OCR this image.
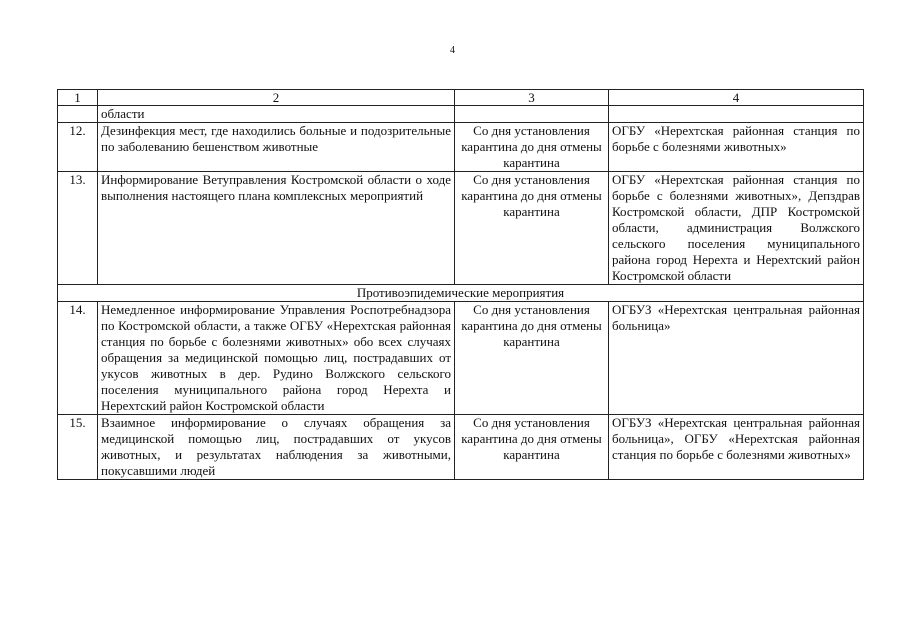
4
1	2	3	4
	области		
12.	Дезинфекция мест, где находились больные и подозрительные по заболеванию бешенством животные	Со дня установления карантина до дня отмены карантина	ОГБУ «Нерехтская районная станция по борьбе с болезнями животных»
13.	Информирование Ветуправления Костромской области о ходе выполнения настоящего плана комплексных мероприятий	Со дня установления карантина до дня отмены карантина	ОГБУ «Нерехтская районная станция по борьбе с болезнями животных», Депздрав Костромской области, ДПР Костромской области, администрация Волжского сельского поселения муниципального района город Нерехта и Нерехтский район Костромской области
Противоэпидемические мероприятия			
14.	Немедленное информирование Управления Роспотребнадзора по Костромской области, а также ОГБУ «Нерехтская районная станция по борьбе с болезнями животных» обо всех случаях обращения за медицинской помощью лиц, пострадавших от укусов животных в дер. Рудино Волжского сельского поселения муниципального района город Нерехта и Нерехтский район Костромской области	Со дня установления карантина до дня отмены карантина	ОГБУЗ «Нерехтская центральная районная больница»
15.	Взаимное информирование о случаях обращения за медицинской помощью лиц, пострадавших от укусов животных, и результатах наблюдения за животными, покусавшими людей	Со дня установления карантина до дня отмены карантина	ОГБУЗ «Нерехтская центральная районная больница», ОГБУ «Нерехтская районная станция по борьбе с болезнями животных»
